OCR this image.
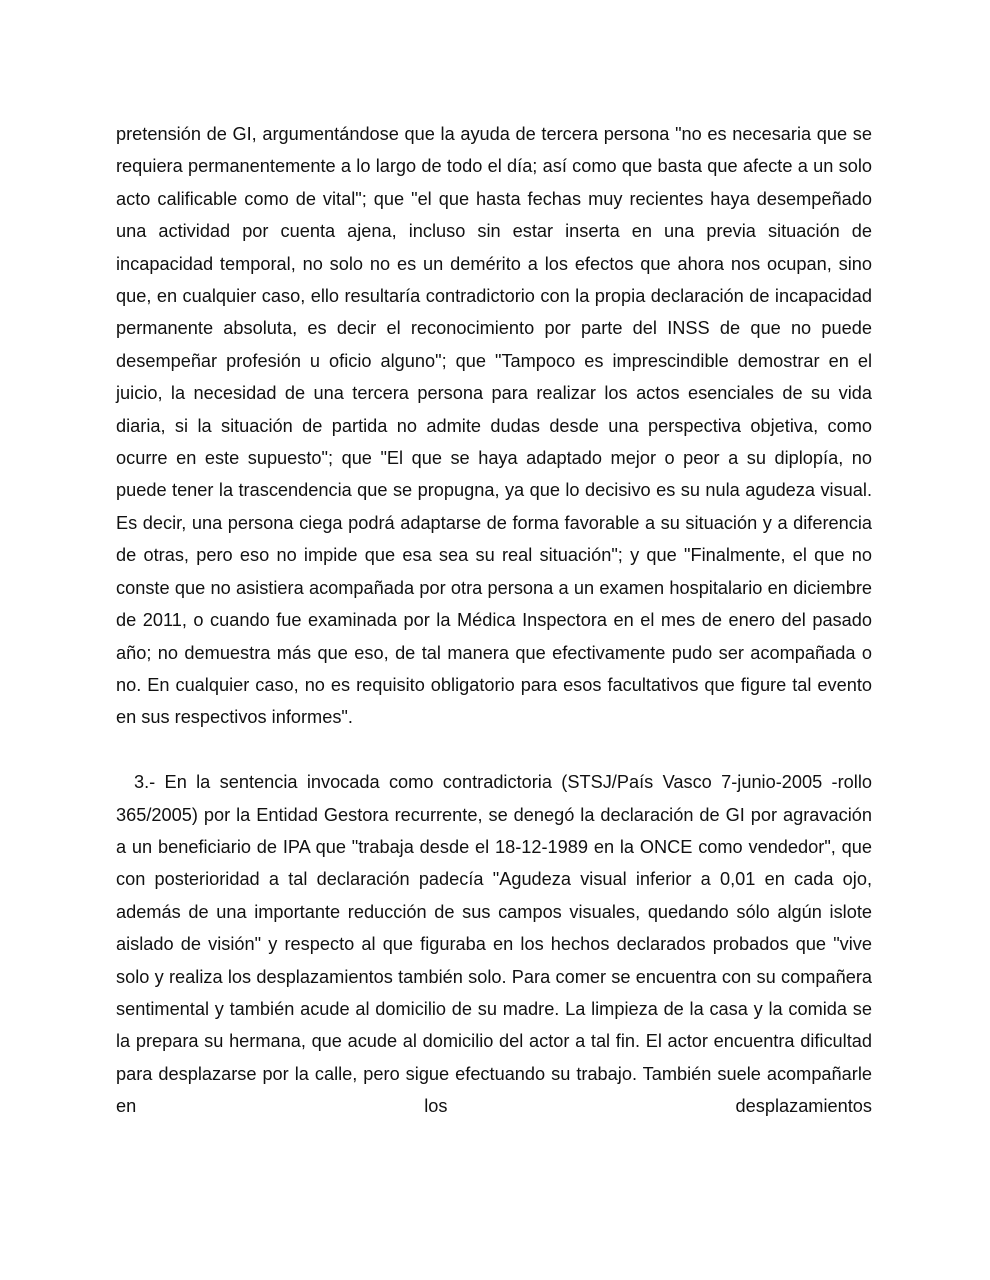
pretensión de GI, argumentándose que la ayuda de tercera persona "no es necesaria que se requiera permanentemente a lo largo de todo el día; así como que basta que afecte a un solo acto calificable como de vital"; que "el que hasta fechas muy recientes haya desempeñado una actividad por cuenta ajena, incluso sin estar inserta en una previa situación de incapacidad temporal, no solo no es un demérito a los efectos que ahora nos ocupan, sino que, en cualquier caso, ello resultaría contradictorio con la propia declaración de incapacidad permanente absoluta, es decir el reconocimiento por parte del INSS de que no puede desempeñar profesión u oficio alguno"; que "Tampoco es imprescindible demostrar en el juicio, la necesidad de una tercera persona para realizar los actos esenciales de su vida diaria, si la situación de partida no admite dudas desde una perspectiva objetiva, como ocurre en este supuesto"; que "El que se haya adaptado mejor o peor a su diplopía, no puede tener la trascendencia que se propugna, ya que lo decisivo es su nula agudeza visual. Es decir, una persona ciega podrá adaptarse de forma favorable a su situación y a diferencia de otras, pero eso no impide que esa sea su real situación"; y que "Finalmente, el que no conste que no asistiera acompañada por otra persona a un examen hospitalario en diciembre de 2011, o cuando fue examinada por la Médica Inspectora en el mes de enero del pasado año; no demuestra más que eso, de tal manera que efectivamente pudo ser acompañada o no. En cualquier caso, no es requisito obligatorio para esos facultativos que figure tal evento en sus respectivos informes".

3.- En la sentencia invocada como contradictoria (STSJ/País Vasco 7-junio-2005 -rollo 365/2005) por la Entidad Gestora recurrente, se denegó la declaración de GI por agravación a un beneficiario de IPA que "trabaja desde el 18-12-1989 en la ONCE como vendedor", que con posterioridad a tal declaración padecía "Agudeza visual inferior a 0,01 en cada ojo, además de una importante reducción de sus campos visuales, quedando sólo algún islote aislado de visión" y respecto al que figuraba en los hechos declarados probados que "vive solo y realiza los desplazamientos también solo. Para comer se encuentra con su compañera sentimental y también acude al domicilio de su madre. La limpieza de la casa y la comida se la prepara su hermana, que acude al domicilio del actor a tal fin. El actor encuentra dificultad para desplazarse por la calle, pero sigue efectuando su trabajo. También suele acompañarle en los desplazamientos
